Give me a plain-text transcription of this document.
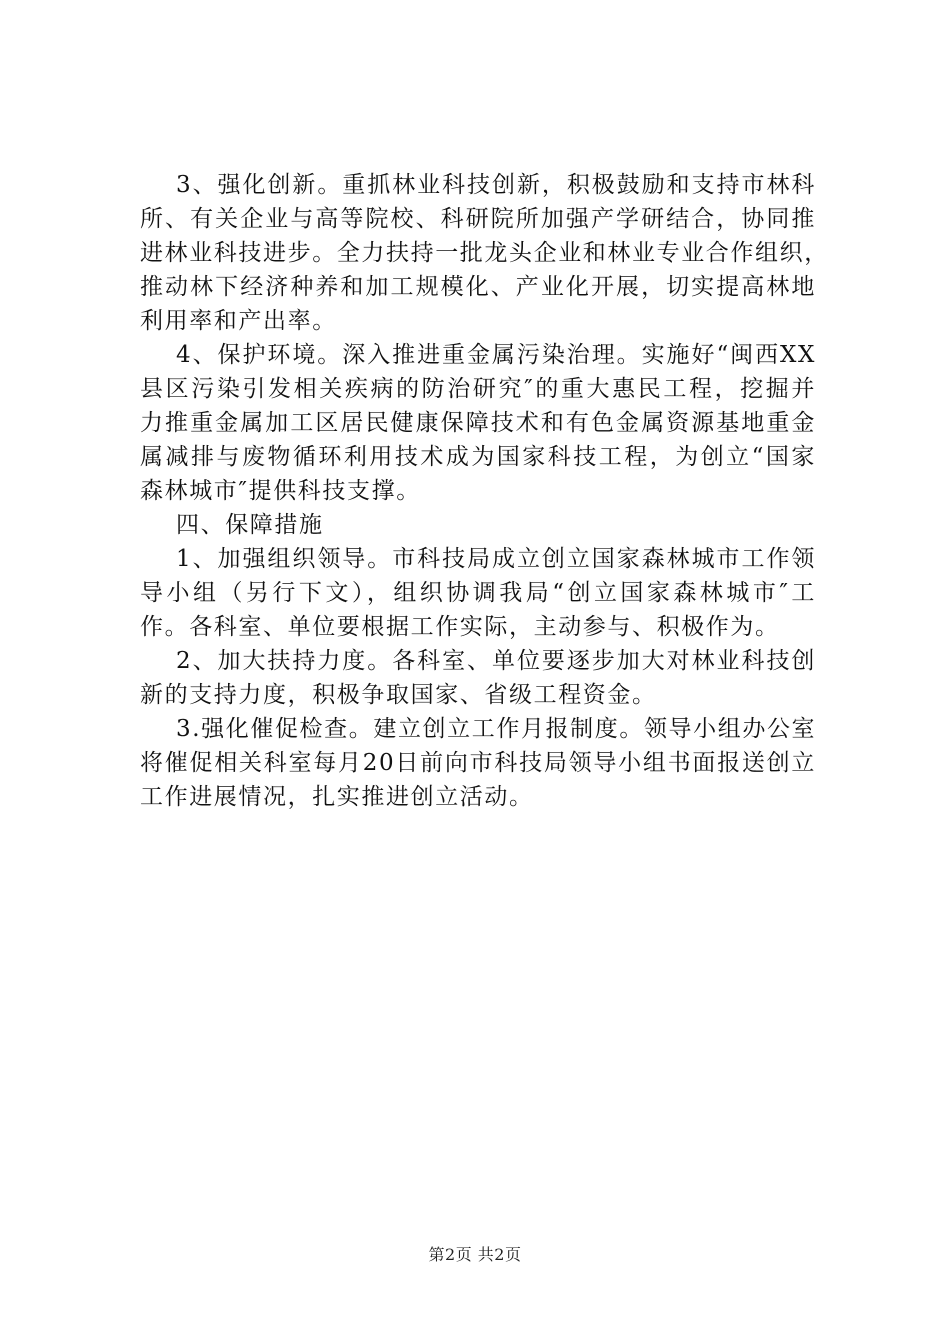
3、强化创新。重抓林业科技创新，积极鼓励和支持市林科
所、有关企业与高等院校、科研院所加强产学研结合，协同推
进林业科技进步。全力扶持一批龙头企业和林业专业合作组织，
推动林下经济种养和加工规模化、产业化开展，切实提高林地
利用率和产出率。
4、保护环境。深入推进重金属污染治理。实施好“闽西XX
县区污染引发相关疾病的防治研究″的重大惠民工程，挖掘并
力推重金属加工区居民健康保障技术和有色金属资源基地重金
属减排与废物循环利用技术成为国家科技工程，为创立“国家
森林城市″提供科技支撑。
四、保障措施
1、加强组织领导。市科技局成立创立国家森林城市工作领
导小组（另行下文），组织协调我局“创立国家森林城市″工
作。各科室、单位要根据工作实际，主动参与、积极作为。
2、加大扶持力度。各科室、单位要逐步加大对林业科技创
新的支持力度，积极争取国家、省级工程资金。
3.强化催促检查。建立创立工作月报制度。领导小组办公室
将催促相关科室每月20日前向市科技局领导小组书面报送创立
工作进展情况，扎实推进创立活动。
第2页 共2页
